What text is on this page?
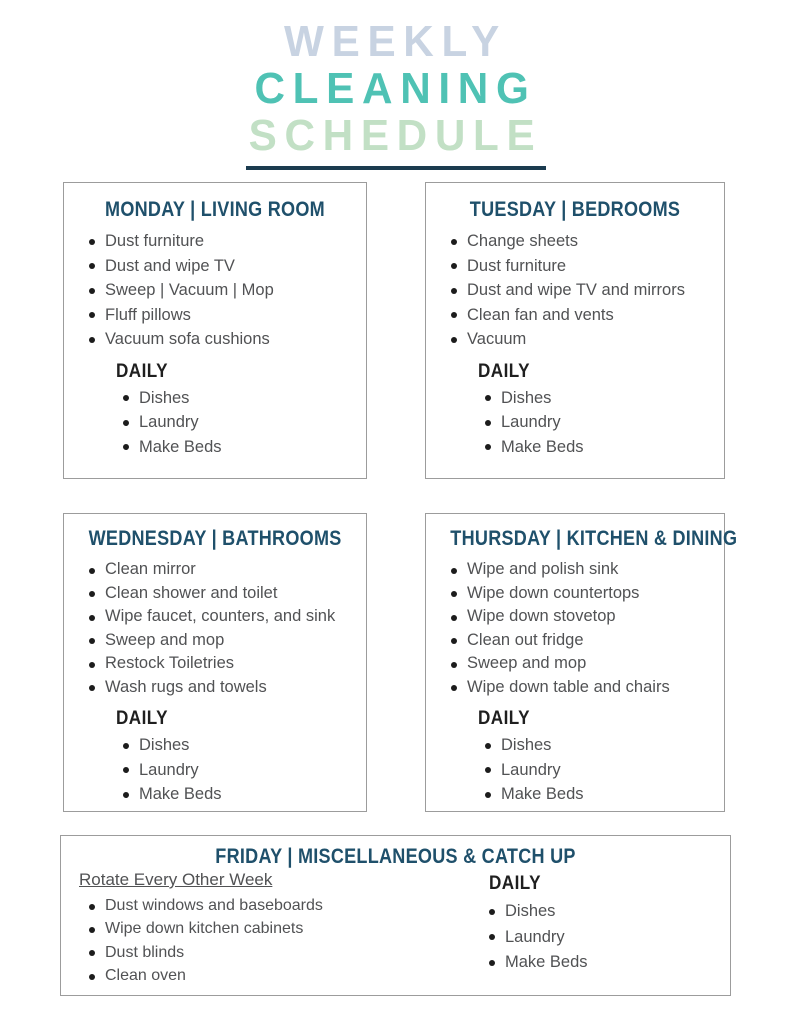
WEEKLY
CLEANING
SCHEDULE
MONDAY | LIVING ROOM
Dust furniture
Dust and wipe TV
Sweep | Vacuum | Mop
Fluff pillows
Vacuum sofa cushions
DAILY
Dishes
Laundry
Make Beds
TUESDAY | BEDROOMS
Change sheets
Dust furniture
Dust and wipe TV and mirrors
Clean fan and vents
Vacuum
DAILY
Dishes
Laundry
Make Beds
WEDNESDAY | BATHROOMS
Clean mirror
Clean shower and toilet
Wipe faucet, counters, and sink
Sweep and mop
Restock Toiletries
Wash rugs and towels
DAILY
Dishes
Laundry
Make Beds
THURSDAY | KITCHEN & DINING
Wipe and polish sink
Wipe down countertops
Wipe down stovetop
Clean out fridge
Sweep and mop
Wipe down table and chairs
DAILY
Dishes
Laundry
Make Beds
FRIDAY | MISCELLANEOUS & CATCH UP
Rotate Every Other Week
Dust windows and baseboards
Wipe down kitchen cabinets
Dust blinds
Clean oven
DAILY
Dishes
Laundry
Make Beds
